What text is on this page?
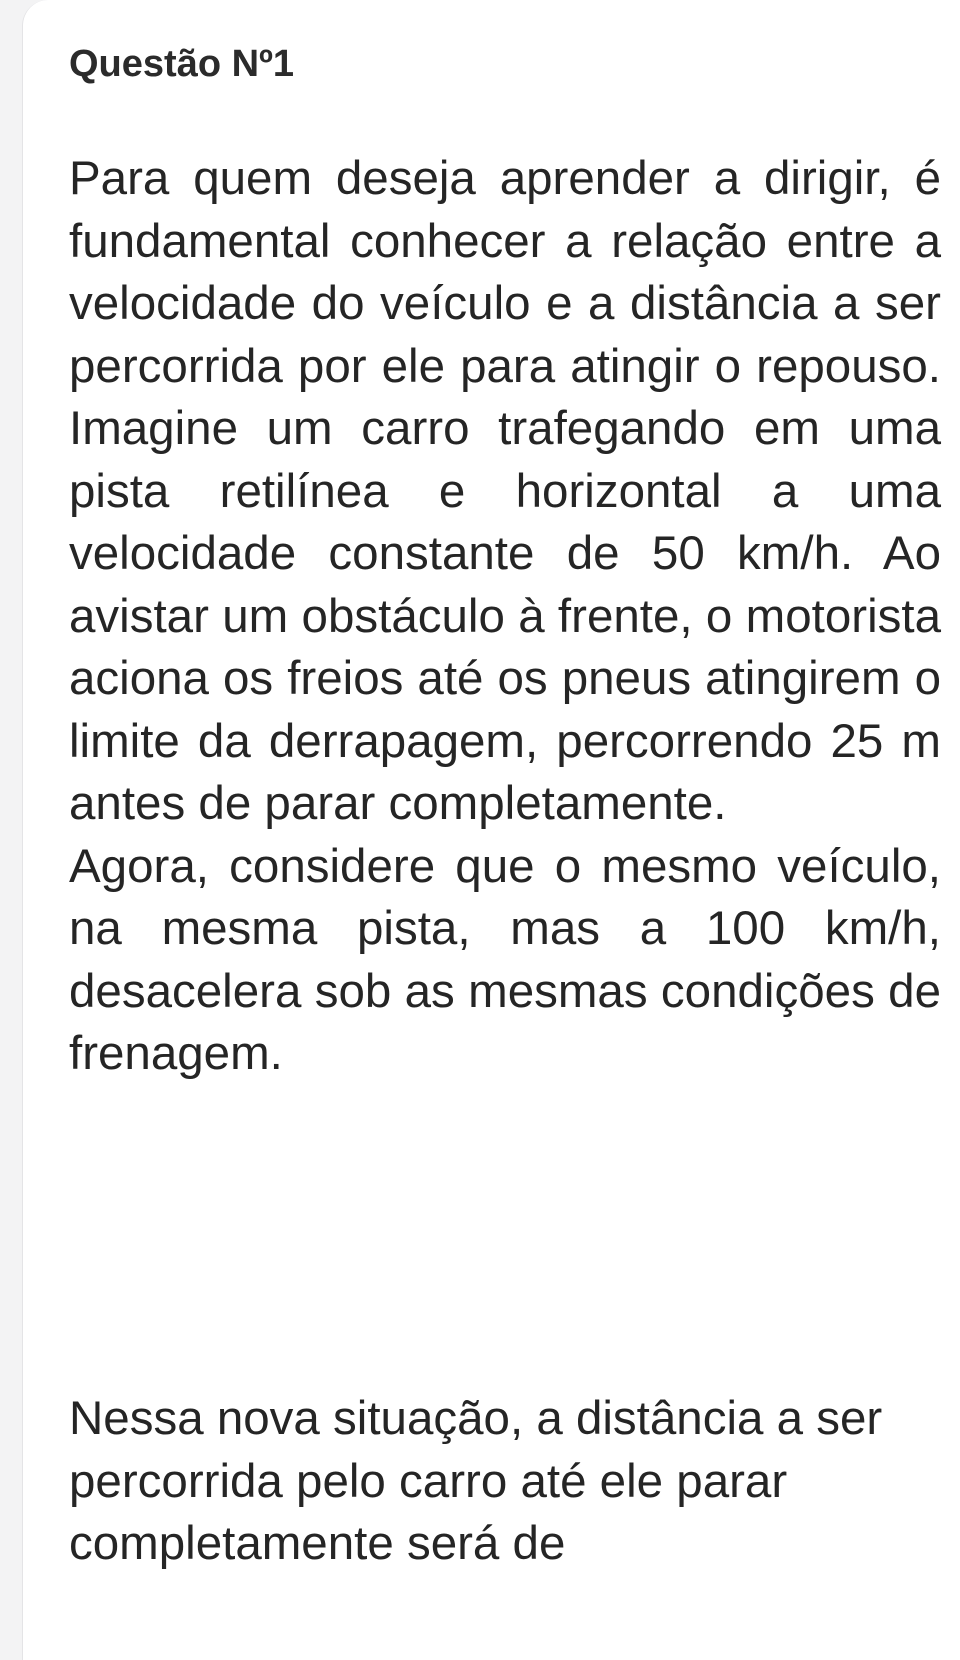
Questão Nº1
Para quem deseja aprender a dirigir, é fundamental conhecer a relação entre a velocidade do veículo e a distância a ser percorrida por ele para atingir o repouso. Imagine um carro trafegando em uma pista retilínea e horizontal a uma velocidade constante de 50 km/h. Ao avistar um obstáculo à frente, o motorista aciona os freios até os pneus atingirem o limite da derrapagem, percorrendo 25 m antes de parar completamente.
Agora, considere que o mesmo veículo, na mesma pista, mas a 100 km/h, desacelera sob as mesmas condições de frenagem.

Nessa nova situação, a distância a ser percorrida pelo carro até ele parar completamente será de
